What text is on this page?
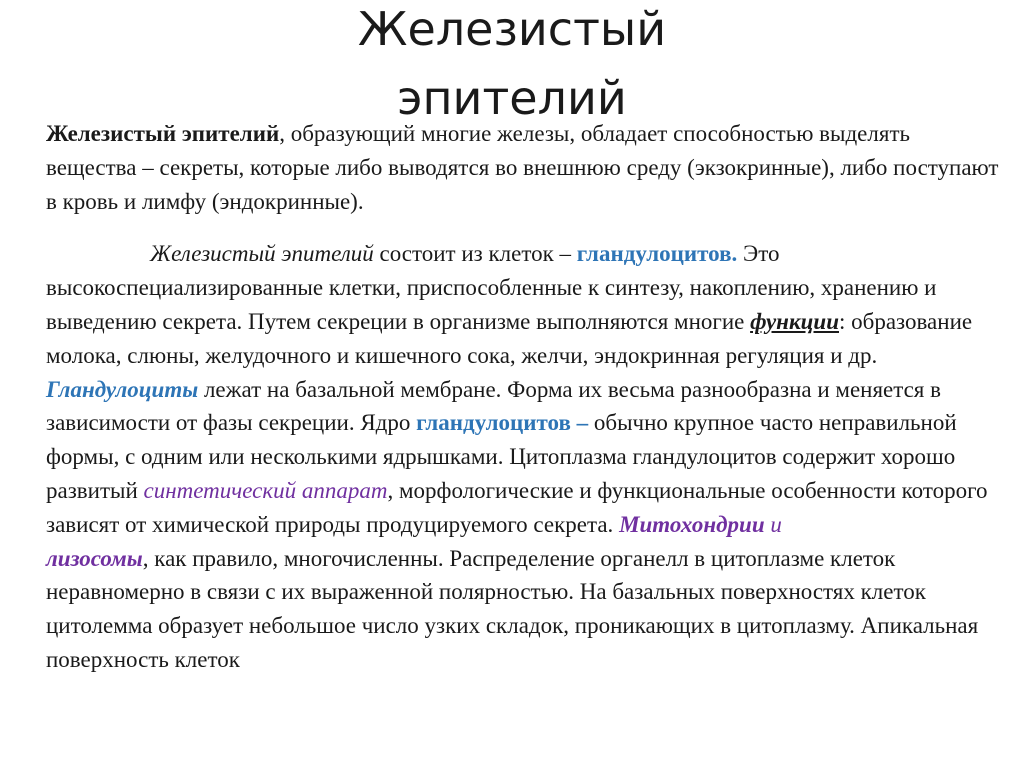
Железистый
эпителий

Железистый эпителий, образующий многие железы, обладает способностью выделять вещества – секреты, которые либо выводятся во внешнюю среду (экзокринные), либо поступают в кровь и лимфу (эндокринные).

Железистый эпителий состоит из клеток – гландулоцитов. Это высокоспециализированные клетки, приспособленные к синтезу, накоплению, хранению и выведению секрета. Путем секреции в организме выполняются многие функции: образование молока, слюны, желудочного и кишечного сока, желчи, эндокринная регуляция и др. Гландулоциты лежат на базальной мембране. Форма их весьма разнообразна и меняется в зависимости от фазы секреции. Ядро гландулоцитов – обычно крупное часто неправильной формы, с одним или несколькими ядрышками. Цитоплазма гландулоцитов содержит хорошо развитый синтетический аппарат, морфологические и функциональные особенности которого зависят от химической природы продуцируемого секрета. Митохондрии и
лизосомы, как правило, многочисленны. Распределение органелл в цитоплазме клеток неравномерно в связи с их выраженной полярностью. На базальных поверхностях клеток цитолемма образует небольшое число узких складок, проникающих в цитоплазму. Апикальная поверхность клеток
